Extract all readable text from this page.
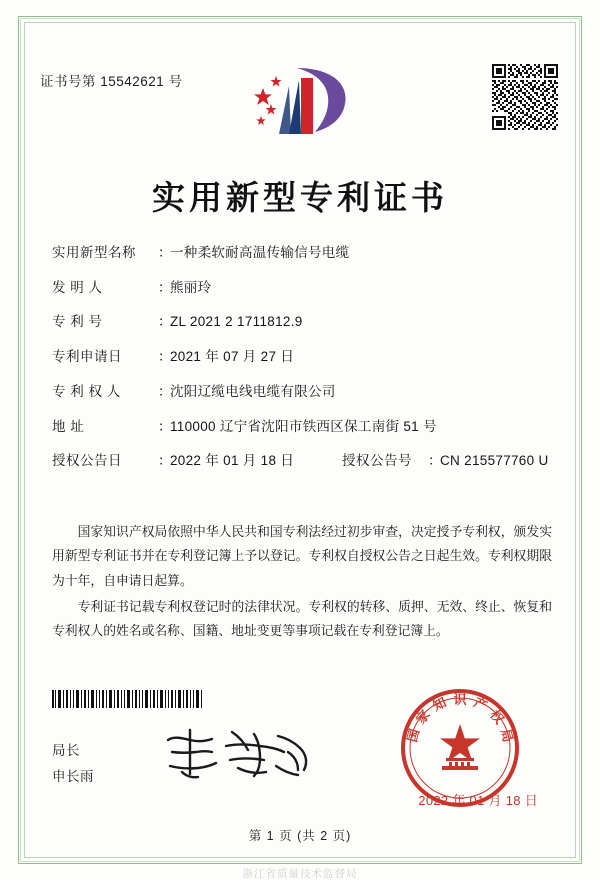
证书号第 15542621 号
实用新型专利证书
实用新型名称	：
一种柔软耐高温传输信号电缆
发 明 人	：
熊丽玲
专 利 号	：
ZL 2021 2 1711812.9
专利申请日	：
2021 年 07 月 27 日
专 利 权 人	：
沈阳辽缆电线电缆有限公司
地 址	：
110000 辽宁省沈阳市铁西区保工南街 51 号
授权公告日	：
2022 年 01 月 18 日	授权公告号	：
CN 215577760 U

国家知识产权局依照中华人民共和国专利法经过初步审查，决定授予专利权，颁发实用新型专利证书并在专利登记簿上予以登记。专利权自授权公告之日起生效。专利权期限为十年，自申请日起算。

专利证书记载专利权登记时的法律状况。专利权的转移、质押、无效、终止、恢复和专利权人的姓名或名称、国籍、地址变更等事项记载在专利登记簿上。

局长
申长雨
国
家
知 识 产
权
局
2022 年 01 月 18 日
第 1 页 (共 2 页)
浙江省质量技术监督局
